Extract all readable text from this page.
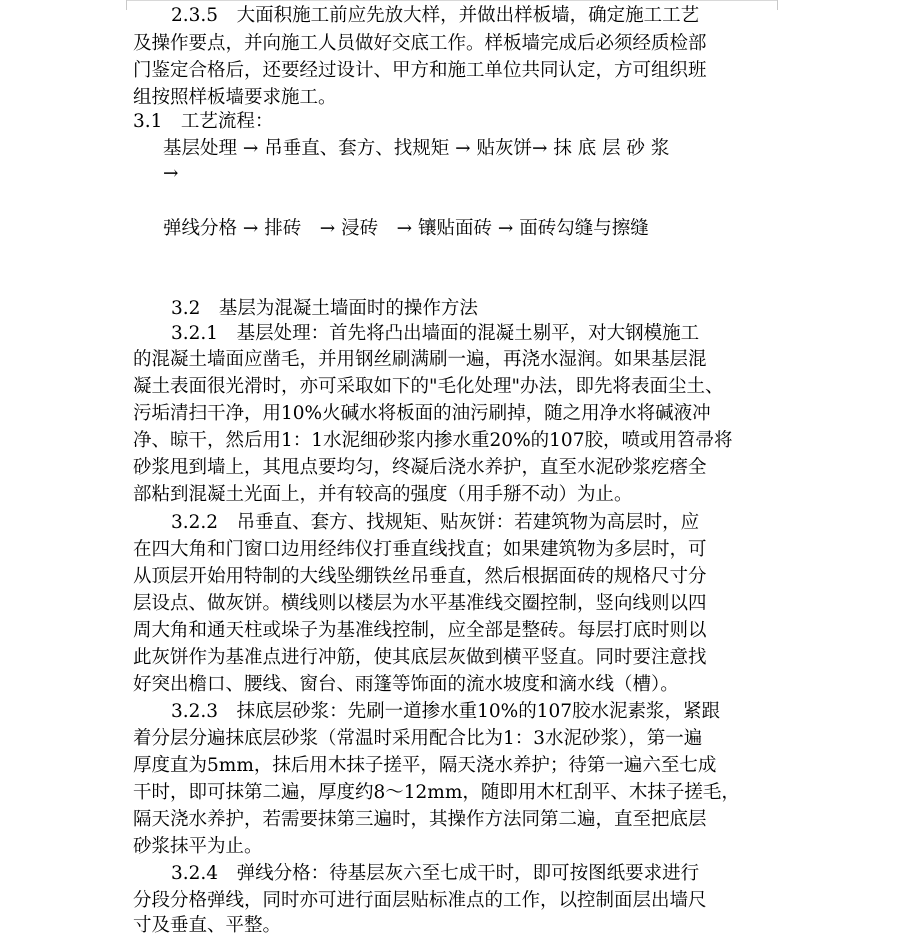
2.3.5　大面积施工前应先放大样，并做出样板墙，确定施工工艺
及操作要点，并向施工人员做好交底工作。样板墙完成后必须经质检部
门鉴定合格后，还要经过设计、甲方和施工单位共同认定，方可组织班
组按照样板墙要求施工。
3.1　工艺流程：
基层处理 → 吊垂直、套方、找规矩 → 贴灰饼→ 抹 底 层 砂 浆
→
弹线分格 → 排砖　→ 浸砖　→ 镶贴面砖 → 面砖勾缝与擦缝
3.2　基层为混凝土墙面时的操作方法
3.2.1　基层处理：首先将凸出墙面的混凝土剔平，对大钢模施工
的混凝土墙面应凿毛，并用钢丝刷满刷一遍，再浇水湿润。如果基层混
凝土表面很光滑时，亦可采取如下的"毛化处理"办法，即先将表面尘土、
污垢清扫干净，用10%火碱水将板面的油污刷掉，随之用净水将碱液冲
净、晾干，然后用1：1水泥细砂浆内掺水重20%的107胶，喷或用笤帚将
砂浆甩到墙上，其甩点要均匀，终凝后浇水养护，直至水泥砂浆疙瘩全
部粘到混凝土光面上，并有较高的强度（用手掰不动）为止。
3.2.2　吊垂直、套方、找规矩、贴灰饼：若建筑物为高层时，应
在四大角和门窗口边用经纬仪打垂直线找直；如果建筑物为多层时，可
从顶层开始用特制的大线坠绷铁丝吊垂直，然后根据面砖的规格尺寸分
层设点、做灰饼。横线则以楼层为水平基准线交圈控制，竖向线则以四
周大角和通天柱或垛子为基准线控制，应全部是整砖。每层打底时则以
此灰饼作为基准点进行冲筋，使其底层灰做到横平竖直。同时要注意找
好突出檐口、腰线、窗台、雨篷等饰面的流水坡度和滴水线（槽）。
3.2.3　抹底层砂浆：先刷一道掺水重10%的107胶水泥素浆，紧跟
着分层分遍抹底层砂浆（常温时采用配合比为1：3水泥砂浆），第一遍
厚度直为5mm，抹后用木抹子搓平，隔天浇水养护；待第一遍六至七成
干时，即可抹第二遍，厚度约8～12mm，随即用木杠刮平、木抹子搓毛，
隔天浇水养护，若需要抹第三遍时，其操作方法同第二遍，直至把底层
砂浆抹平为止。
3.2.4　弹线分格：待基层灰六至七成干时，即可按图纸要求进行
分段分格弹线，同时亦可进行面层贴标准点的工作，以控制面层出墙尺
寸及垂直、平整。
